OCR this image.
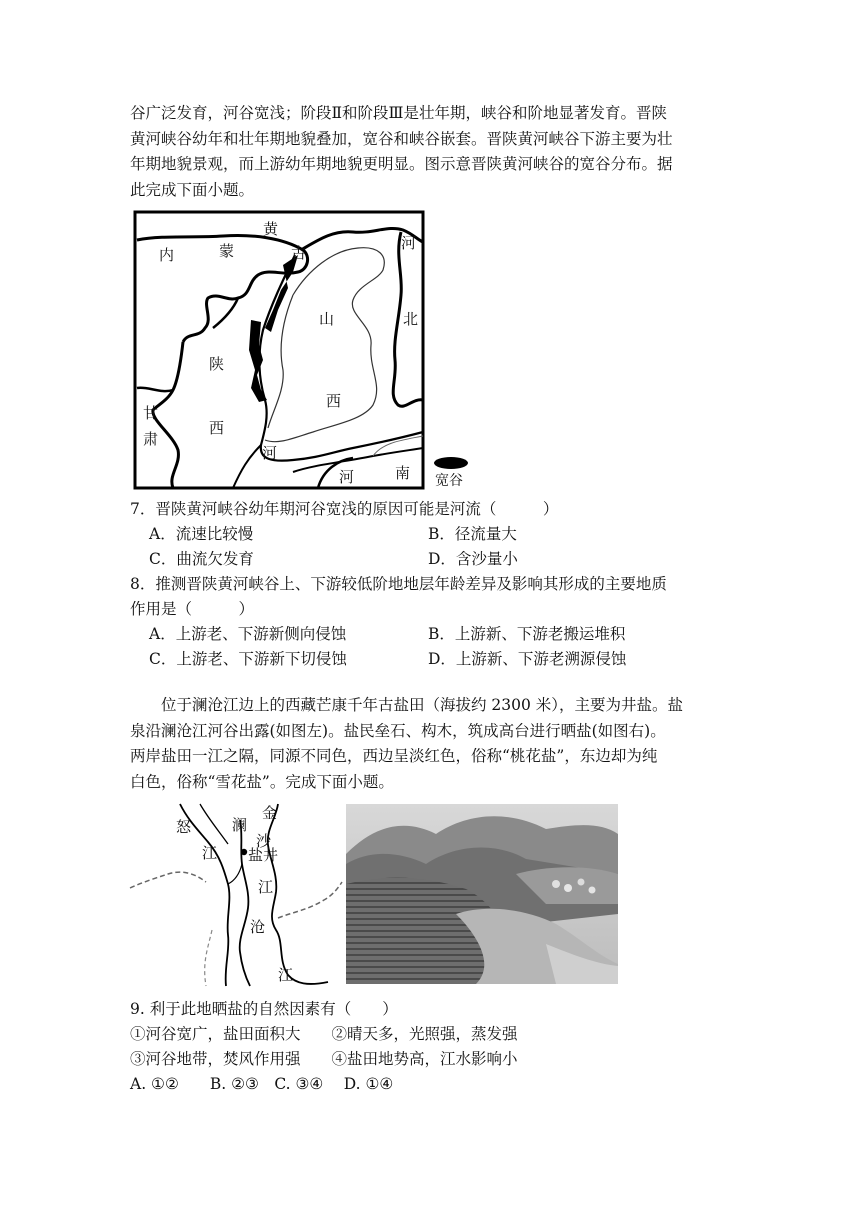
谷广泛发育，河谷宽浅；阶段Ⅱ和阶段Ⅲ是壮年期，峡谷和阶地显著发育。晋陕
黄河峡谷幼年和壮年期地貌叠加，宽谷和峡谷嵌套。晋陕黄河峡谷下游主要为壮
年期地貌景观，而上游幼年期地貌更明显。图示意晋陕黄河峡谷的宽谷分布。据
此完成下面小题。
黄
内	蒙	古
河
山	北
陕
西
甘
肃
西
河
河	南 宽谷
7．晋陕黄河峡谷幼年期河谷宽浅的原因可能是河流（　　　）
A．流速比较慢	B．径流量大
C．曲流欠发育	D．含沙量小
8．推测晋陕黄河峡谷上、下游较低阶地地层年龄差异及影响其形成的主要地质
作用是（　　　）
A．上游老、下游新侧向侵蚀	B．上游新、下游老搬运堆积
C．上游老、下游新下切侵蚀	D．上游新、下游老溯源侵蚀
　　位于澜沧江边上的西藏芒康千年古盐田（海拔约 2300 米），主要为井盐。盐
泉沿澜沧江河谷出露(如图左)。盐民垒石、构木，筑成高台进行晒盐(如图右)。
两岸盐田一江之隔，同源不同色，西边呈淡红色，俗称“桃花盐”，东边却为纯
白色，俗称“雪花盐”。完成下面小题。
金
怒	澜
沙
江 盐井
江
沧
江
9. 利于此地晒盐的自然因素有（　　）
①河谷宽广，盐田面积大　　②晴天多，光照强，蒸发强
③河谷地带，焚风作用强　　④盐田地势高，江水影响小
A. ①②　　B. ②③　C. ③④　 D. ①④
